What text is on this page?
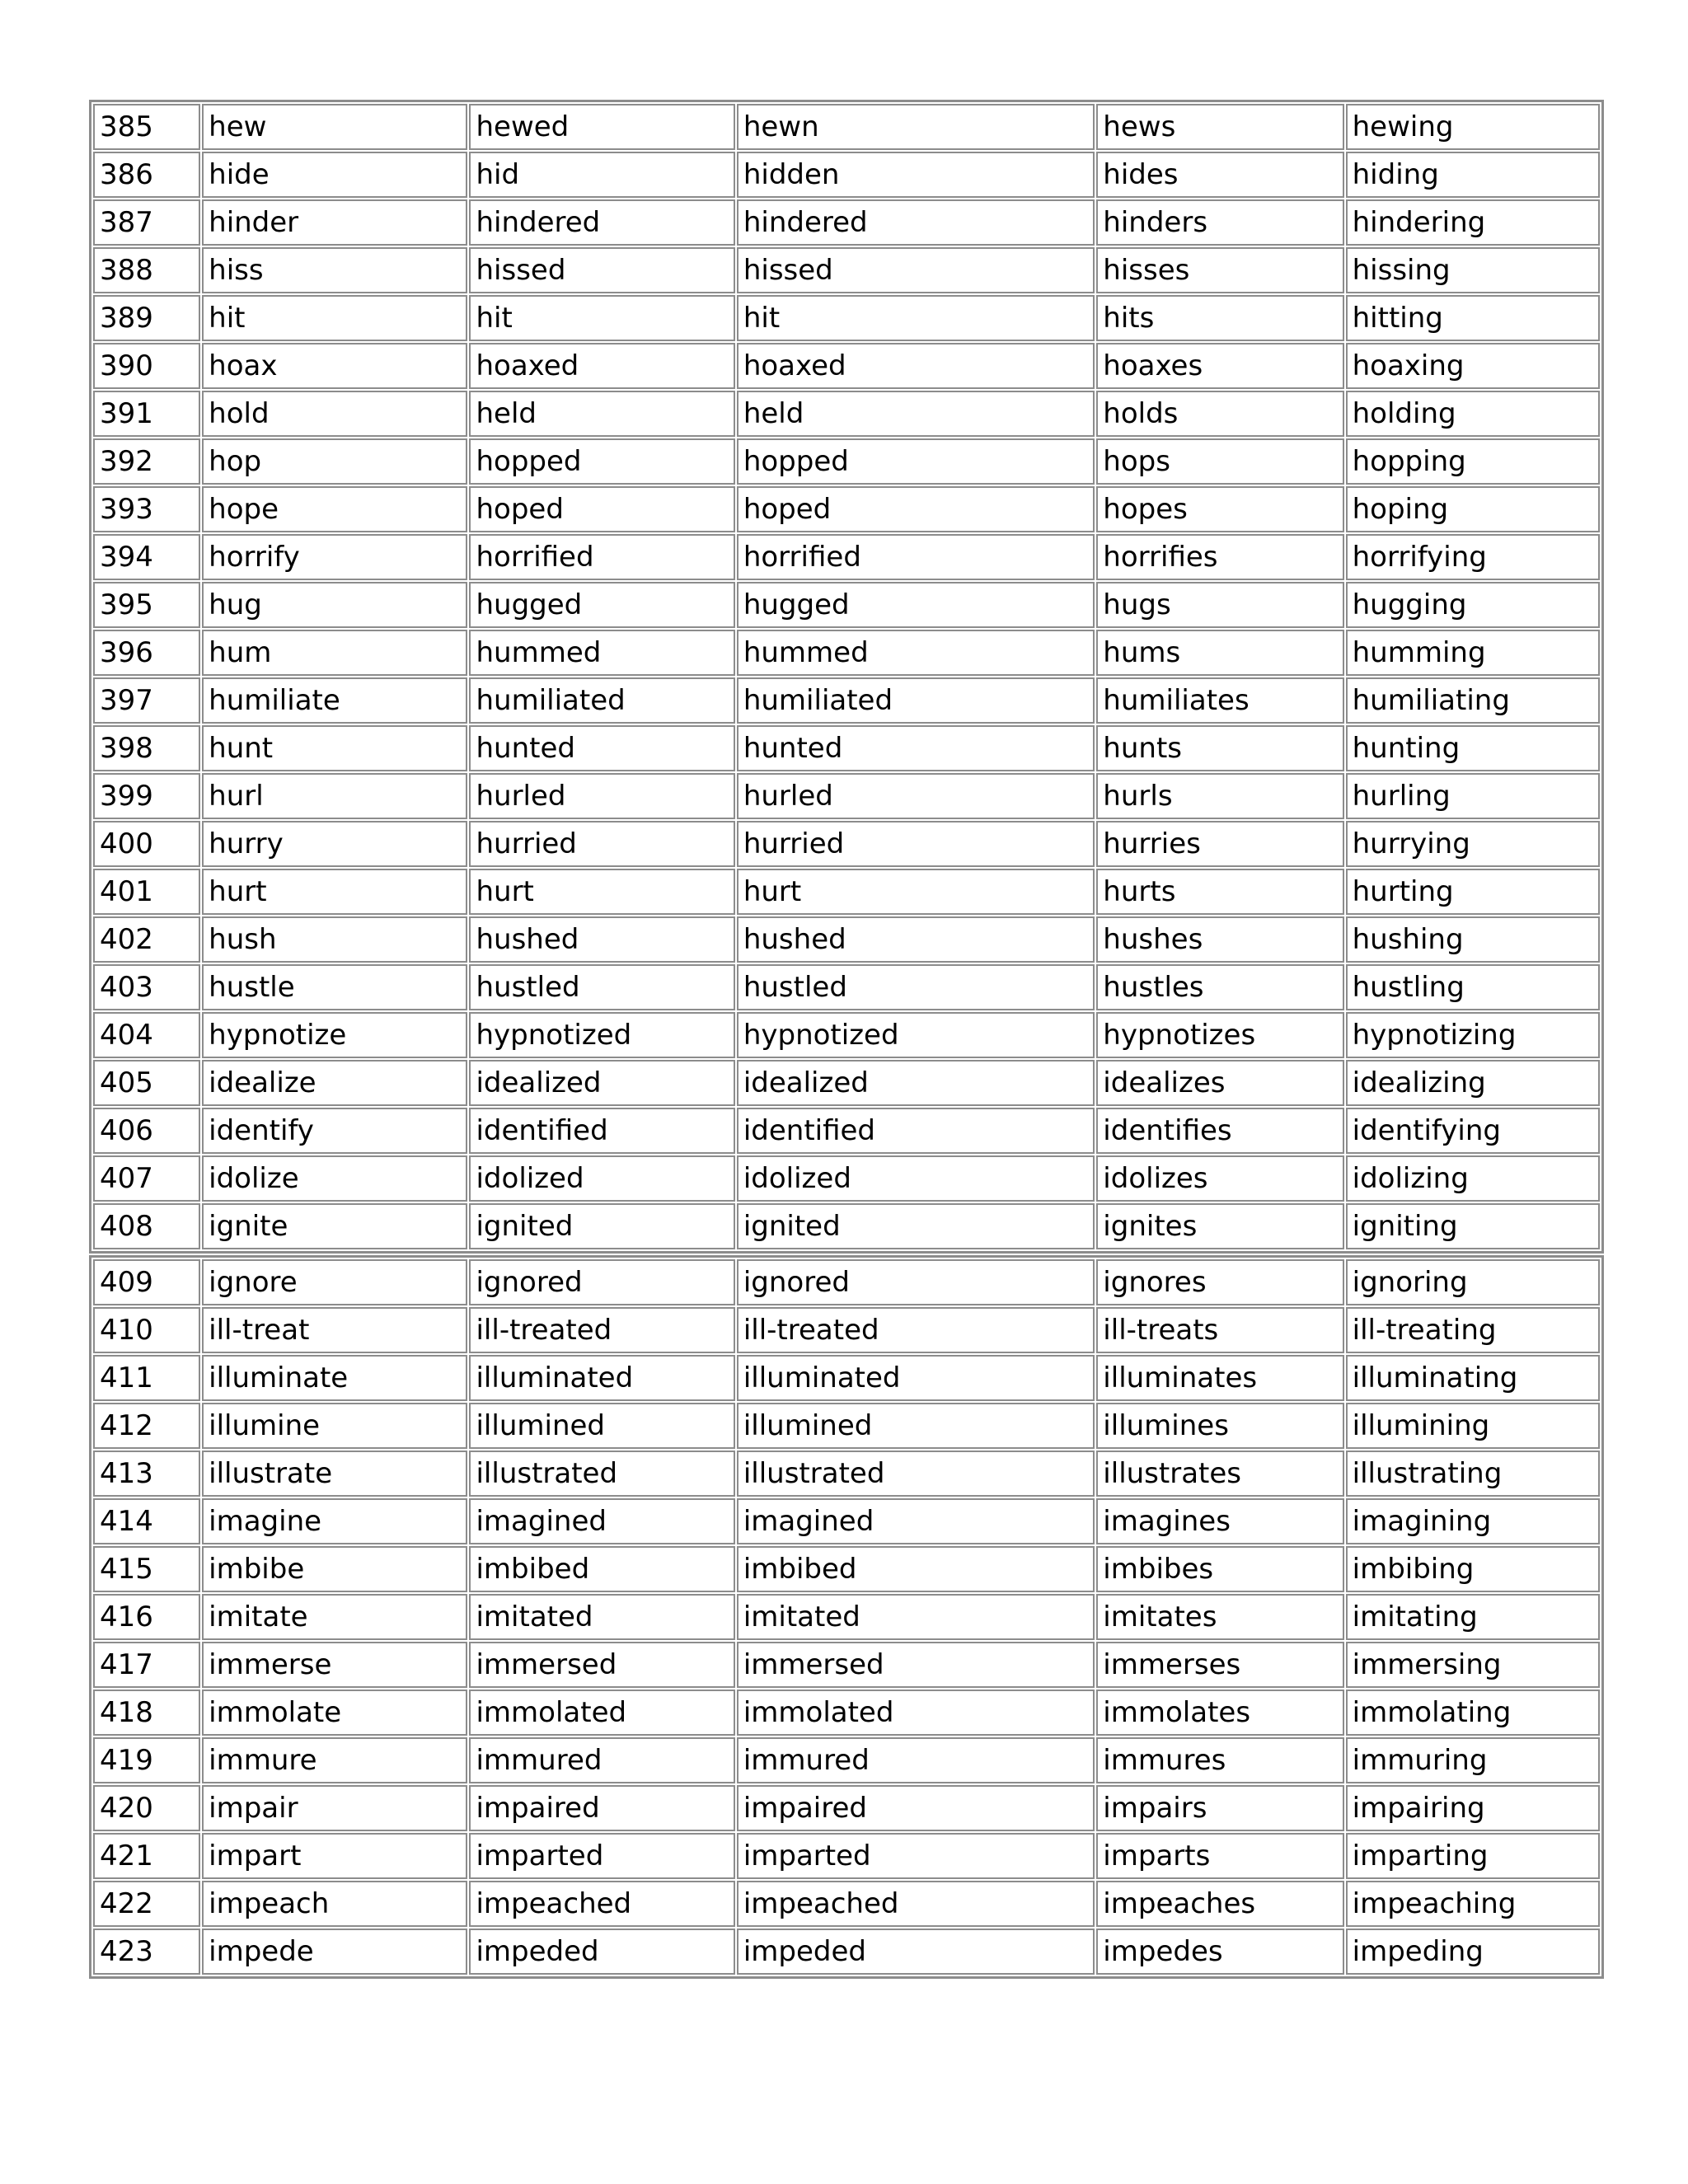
385	hew	hewed	hewn	hews	hewing
386	hide	hid	hidden	hides	hiding
387	hinder	hindered	hindered	hinders	hindering
388	hiss	hissed	hissed	hisses	hissing
389	hit	hit	hit	hits	hitting
390	hoax	hoaxed	hoaxed	hoaxes	hoaxing
391	hold	held	held	holds	holding
392	hop	hopped	hopped	hops	hopping
393	hope	hoped	hoped	hopes	hoping
394	horrify	horrified	horrified	horrifies	horrifying
395	hug	hugged	hugged	hugs	hugging
396	hum	hummed	hummed	hums	humming
397	humiliate	humiliated	humiliated	humiliates	humiliating
398	hunt	hunted	hunted	hunts	hunting
399	hurl	hurled	hurled	hurls	hurling
400	hurry	hurried	hurried	hurries	hurrying
401	hurt	hurt	hurt	hurts	hurting
402	hush	hushed	hushed	hushes	hushing
403	hustle	hustled	hustled	hustles	hustling
404	hypnotize	hypnotized	hypnotized	hypnotizes	hypnotizing
405	idealize	idealized	idealized	idealizes	idealizing
406	identify	identified	identified	identifies	identifying
407	idolize	idolized	idolized	idolizes	idolizing
408	ignite	ignited	ignited	ignites	igniting
409	ignore	ignored	ignored	ignores	ignoring
410	ill-treat	ill-treated	ill-treated	ill-treats	ill-treating
411	illuminate	illuminated	illuminated	illuminates	illuminating
412	illumine	illumined	illumined	illumines	illumining
413	illustrate	illustrated	illustrated	illustrates	illustrating
414	imagine	imagined	imagined	imagines	imagining
415	imbibe	imbibed	imbibed	imbibes	imbibing
416	imitate	imitated	imitated	imitates	imitating
417	immerse	immersed	immersed	immerses	immersing
418	immolate	immolated	immolated	immolates	immolating
419	immure	immured	immured	immures	immuring
420	impair	impaired	impaired	impairs	impairing
421	impart	imparted	imparted	imparts	imparting
422	impeach	impeached	impeached	impeaches	impeaching
423	impede	impeded	impeded	impedes	impeding
